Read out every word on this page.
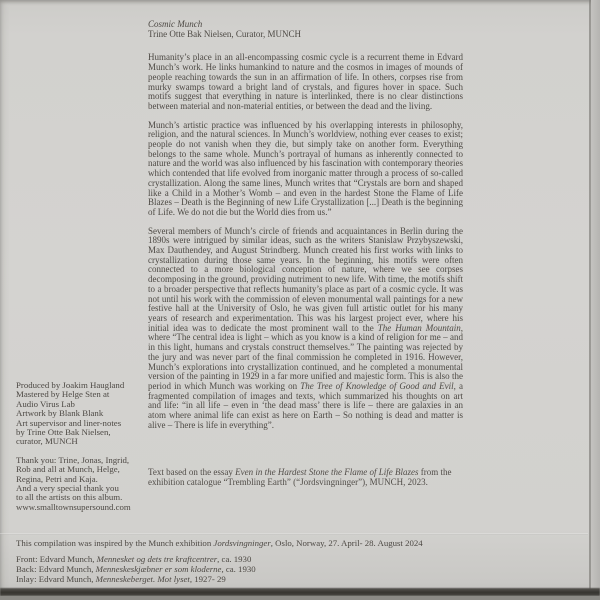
Cosmic Munch
Trine Otte Bak Nielsen, Curator, MUNCH

Humanity’s place in an all-encompassing cosmic cycle is a recurrent theme in Edvard Munch’s work. He links humankind to nature and the cosmos in images of mounds of people reaching towards the sun in an affirmation of life. In others, corpses rise from murky swamps toward a bright land of crystals, and figures hover in space. Such motifs suggest that everything in nature is interlinked, there is no clear distinctions between material and non-material entities, or between the dead and the living.

Munch’s artistic practice was influenced by his overlapping interests in philosophy, religion, and the natural sciences. In Munch’s worldview, nothing ever ceases to exist; people do not vanish when they die, but simply take on another form. Everything belongs to the same whole. Munch’s portrayal of humans as inherently connected to nature and the world was also influenced by his fascination with contemporary theories which contended that life evolved from inorganic matter through a process of so-called crystallization. Along the same lines, Munch writes that “Crystals are born and shaped like a Child in a Mother’s Womb – and even in the hardest Stone the Flame of Life Blazes – Death is the Beginning of new Life Crystallization [...] Death is the beginning of Life. We do not die but the World dies from us.”

Several members of Munch’s circle of friends and acquaintances in Berlin during the 1890s were intrigued by similar ideas, such as the writers Stanislaw Przybyszewski, Max Dauthendey, and August Strindberg. Munch created his first works with links to crystallization during those same years. In the beginning, his motifs were often connected to a more biological conception of nature, where we see corpses decomposing in the ground, providing nutriment to new life. With time, the motifs shift to a broader perspective that reflects humanity’s place as part of a cosmic cycle. It was not until his work with the commission of eleven monumental wall paintings for a new festive hall at the University of Oslo, he was given full artistic outlet for his many years of research and experimentation. This was his largest project ever, where his initial idea was to dedicate the most prominent wall to the The Human Mountain, where “The central idea is light – which as you know is a kind of religion for me – and in this light, humans and crystals construct themselves.” The painting was rejected by the jury and was never part of the final commission he completed in 1916. However, Munch’s explorations into crystallization continued, and he completed a monumental version of the painting in 1929 in a far more unified and majestic form. This is also the period in which Munch was working on The Tree of Knowledge of Good and Evil, a fragmented compilation of images and texts, which summarized his thoughts on art and life: “in all life – even in ‘the dead mass’ there is life – there are galaxies in an atom where animal life can exist as here on Earth – So nothing is dead and matter is alive – There is life in everything”.

Text based on the essay Even in the Hardest Stone the Flame of Life Blazes from the exhibition catalogue “Trembling Earth” (“Jordsvingninger”), MUNCH, 2023.
Produced by Joakim Haugland
Mastered by Helge Sten at
Audio Virus Lab
Artwork by Blank Blank
Art supervisor and liner-notes
by Trine Otte Bak Nielsen,
curator, MUNCH
Thank you: Trine, Jonas, Ingrid,
Rob and all at Munch, Helge,
Regina, Petri and Kaja.
And a very special thank you
to all the artists on this album.
www.smalltownsupersound.com
This compilation was inspired by the Munch exhibition Jordsvingninger, Oslo, Norway, 27. April- 28. August 2024
Front: Edvard Munch, Mennesket og dets tre kraftcentrer, ca. 1930
Back: Edvard Munch, Menneskeskjæbner er som kloderne, ca. 1930
Inlay: Edvard Munch, Menneskeberget. Mot lyset, 1927- 29
